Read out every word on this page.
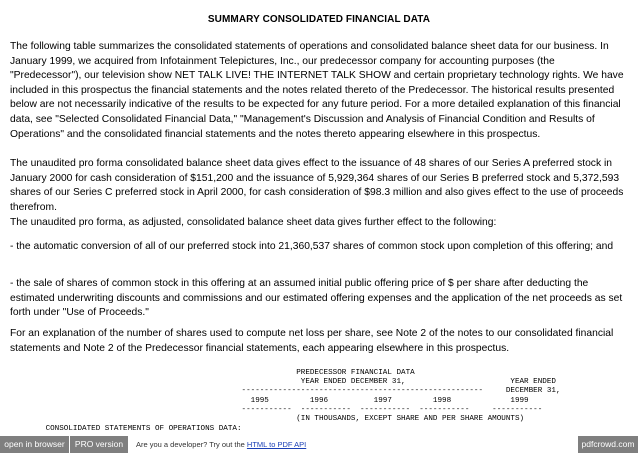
SUMMARY CONSOLIDATED FINANCIAL DATA

The following table summarizes the consolidated statements of operations and consolidated balance sheet data for our business. In January 1999, we acquired from Infotainment Telepictures, Inc., our predecessor company for accounting purposes (the "Predecessor"), our television show NET TALK LIVE! THE INTERNET TALK SHOW and certain proprietary technology rights. We have included in this prospectus the financial statements and the notes related thereto of the Predecessor. The historical results presented below are not necessarily indicative of the results to be expected for any future period. For a more detailed explanation of this financial data, see "Selected Consolidated Financial Data," "Management's Discussion and Analysis of Financial Condition and Results of Operations" and the consolidated financial statements and the notes thereto appearing elsewhere in this prospectus.

The unaudited pro forma consolidated balance sheet data gives effect to the issuance of 48 shares of our Series A preferred stock in January 2000 for cash consideration of $151,200 and the issuance of 5,929,364 shares of our Series B preferred stock and 5,372,593 shares of our Series C preferred stock in April 2000, for cash consideration of $98.3 million and also gives effect to the use of proceeds therefrom.

The unaudited pro forma, as adjusted, consolidated balance sheet data gives further effect to the following:

- the automatic conversion of all of our preferred stock into 21,360,537 shares of common stock upon completion of this offering; and

- the sale of shares of common stock in this offering at an assumed initial public offering price of $ per share after deducting the estimated underwriting discounts and commissions and our estimated offering expenses and the application of the net proceeds as set forth under "Use of Proceeds."

For an explanation of the number of shares used to compute net loss per share, see Note 2 of the notes to our consolidated financial statements and Note 2 of the Predecessor financial statements, each appearing elsewhere in this prospectus.

PREDECESSOR FINANCIAL DATA
YEAR ENDED DECEMBER 31,                       YEAR ENDED
-----------------------------------------------------     DECEMBER 31,
1995         1996          1997         1998             1999
-----------  -----------  -----------  -----------     -----------
(IN THOUSANDS, EXCEPT SHARE AND PER SHARE AMOUNTS)
CONSOLIDATED STATEMENTS OF OPERATIONS DATA:
open in browser	PRO version	Are you a developer? Try out the HTML to PDF API	pdfcrowd.com
